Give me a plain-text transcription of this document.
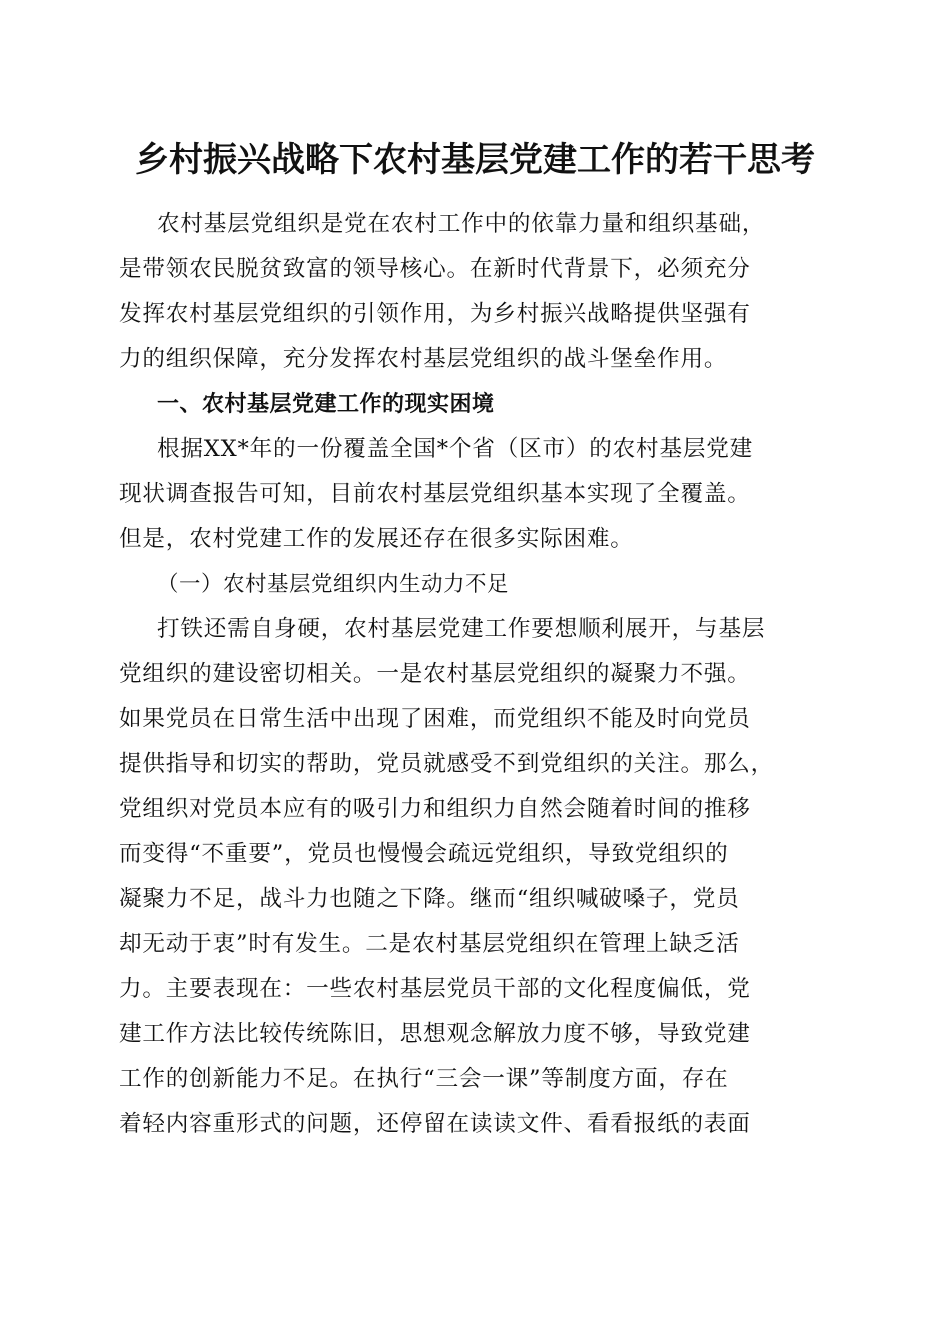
乡村振兴战略下农村基层党建工作的若干思考
农村基层党组织是党在农村工作中的依靠力量和组织基础，
是带领农民脱贫致富的领导核心。在新时代背景下，必须充分
发挥农村基层党组织的引领作用，为乡村振兴战略提供坚强有
力的组织保障，充分发挥农村基层党组织的战斗堡垒作用。
一、农村基层党建工作的现实困境
根据XX*年的一份覆盖全国*个省（区市）的农村基层党建
现状调查报告可知，目前农村基层党组织基本实现了全覆盖。
但是，农村党建工作的发展还存在很多实际困难。
（一）农村基层党组织内生动力不足
打铁还需自身硬，农村基层党建工作要想顺利展开，与基层
党组织的建设密切相关。一是农村基层党组织的凝聚力不强。
如果党员在日常生活中出现了困难，而党组织不能及时向党员
提供指导和切实的帮助，党员就感受不到党组织的关注。那么，
党组织对党员本应有的吸引力和组织力自然会随着时间的推移
而变得“不重要”，党员也慢慢会疏远党组织，导致党组织的
凝聚力不足，战斗力也随之下降。继而“组织喊破嗓子，党员
却无动于衷”时有发生。二是农村基层党组织在管理上缺乏活
力。主要表现在：一些农村基层党员干部的文化程度偏低，党
建工作方法比较传统陈旧，思想观念解放力度不够，导致党建
工作的创新能力不足。在执行“三会一课”等制度方面，存在
着轻内容重形式的问题，还停留在读读文件、看看报纸的表面
